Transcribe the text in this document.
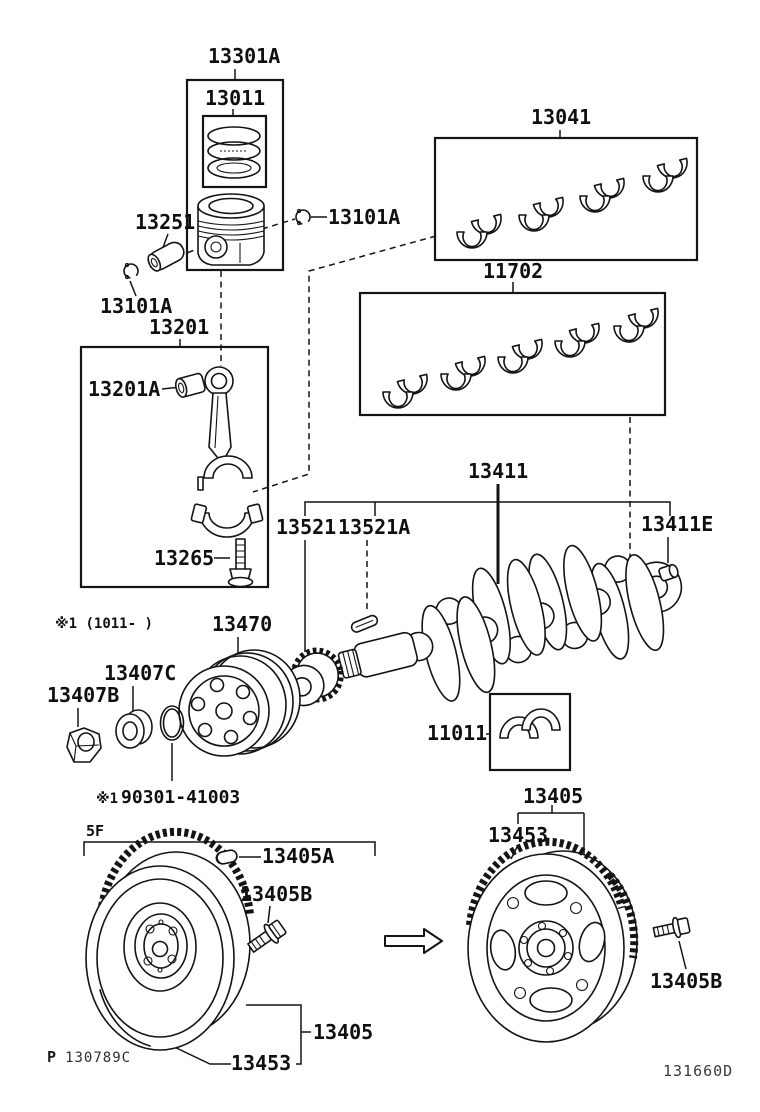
13301A
13011
13101A
13251
13101A
13201
13201A
13265
13041
11702
13411
13521 13521A	13411E
※1 (1011- )	13470
13407C
13407B
※1 90301-41003
11011
5F
13405A
13405B
13405
13453
13405
13453
13405B
P 130789C
131660D
